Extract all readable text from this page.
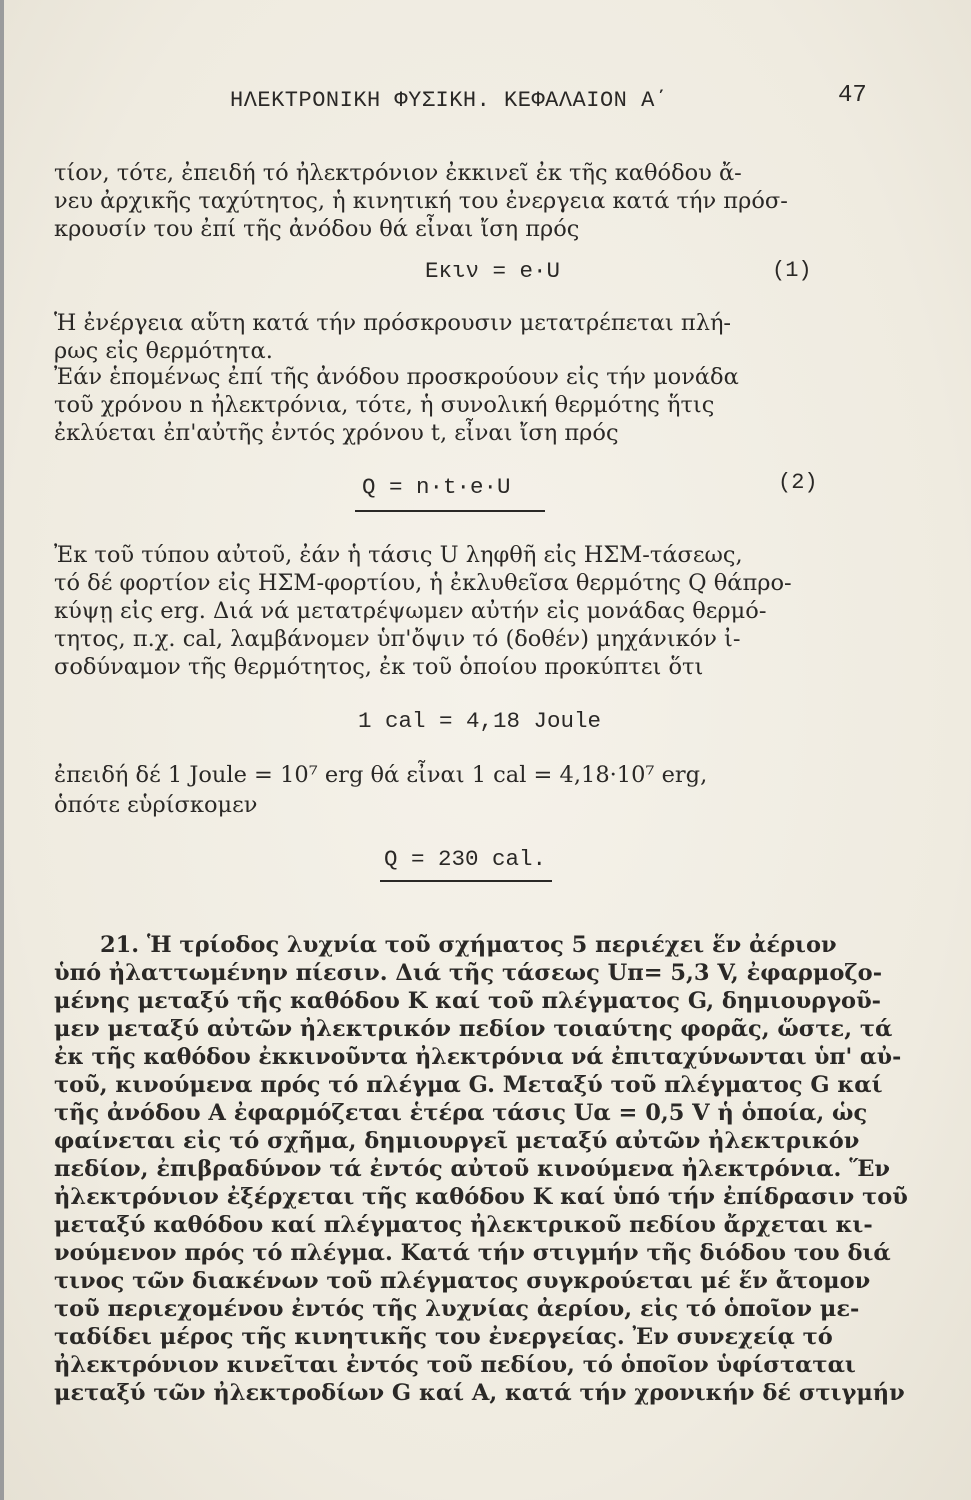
ΗΛΕΚΤΡΟΝΙΚΗ ΦΥΣΙΚΗ. ΚΕΦΑΛΑΙΟΝ Α΄	47
τίον, τότε, ἐπειδή τό ἠλεκτρόνιον ἐκκινεῖ ἐκ τῆς καθόδου ἄ-
νευ ἀρχικῆς ταχύτητος, ἡ κινητική του ἐνεργεια κατά τήν πρόσ-
κρουσίν του ἐπί τῆς ἀνόδου θά εἶναι ἴση πρός
Eκιν = e·U	(1)
Ἡ ἐνέργεια αὕτη κατά τήν πρόσκρουσιν μετατρέπεται πλή-
ρως εἰς θερμότητα.
Ἐάν ἑπομένως ἐπί τῆς ἀνόδου προσκρούουν εἰς τήν μονάδα
τοῦ χρόνου n ἠλεκτρόνια, τότε, ἡ συνολική θερμότης ἥτις
ἐκλύεται ἐπ'αὐτῆς ἐντός χρόνου t, εἶναι ἴση πρός
Q = n·t·e·U	(2)
Ἐκ τοῦ τύπου αὐτοῦ, ἐάν ἡ τάσις U ληφθῆ εἰς ΗΣΜ-τάσεως,
τό δέ φορτίον εἰς ΗΣΜ-φορτίου, ἡ ἐκλυθεῖσα θερμότης Q θάπρο-
κύψῃ εἰς erg. Διά νά μετατρέψωμεν αὐτήν εἰς μονάδας θερμό-
τητος, π.χ. cal, λαμβάνομεν ὑπ'ὄψιν τό (δοθέν) μηχάνικόν ἰ-
σοδύναμον τῆς θερμότητος, ἐκ τοῦ ὁποίου προκύπτει ὅτι
1 cal = 4,18 Joule
ἐπειδή δέ 1 Joule = 10⁷ erg θά εἶναι 1 cal = 4,18·10⁷ erg,
ὁπότε εὑρίσκομεν
Q = 230 cal.
21. Ἡ τρίοδος λυχνία τοῦ σχήματος 5 περιέχει ἕν ἀέριον
ὑπό ἠλαττωμένην πίεσιν. Διά τῆς τάσεως Uπ= 5,3 V, ἐφαρμοζο-
μένης μεταξύ τῆς καθόδου Κ καί τοῦ πλέγματος G, δημιουργοῦ-
μεν μεταξύ αὐτῶν ἠλεκτρικόν πεδίον τοιαύτης φορᾶς, ὥστε, τά
ἐκ τῆς καθόδου ἐκκινοῦντα ἠλεκτρόνια νά ἐπιταχύνωνται ὑπ' αὐ-
τοῦ, κινούμενα πρός τό πλέγμα G. Μεταξύ τοῦ πλέγματος G καί
τῆς ἀνόδου Α ἐφαρμόζεται ἑτέρα τάσις Uα = 0,5 V ἡ ὁποία, ὡς
φαίνεται εἰς τό σχῆμα, δημιουργεῖ μεταξύ αὐτῶν ἠλεκτρικόν
πεδίον, ἐπιβραδύνον τά ἐντός αὐτοῦ κινούμενα ἠλεκτρόνια. Ἕν
ἠλεκτρόνιον ἐξέρχεται τῆς καθόδου Κ καί ὑπό τήν ἐπίδρασιν τοῦ
μεταξύ καθόδου καί πλέγματος ἠλεκτρικοῦ πεδίου ἄρχεται κι-
νούμενον πρός τό πλέγμα. Κατά τήν στιγμήν τῆς διόδου του διά
τινος τῶν διακένων τοῦ πλέγματος συγκρούεται μέ ἕν ἄτομον
τοῦ περιεχομένου ἐντός τῆς λυχνίας ἀερίου, εἰς τό ὁποῖον με-
ταδίδει μέρος τῆς κινητικῆς του ἐνεργείας. Ἐν συνεχείᾳ τό
ἠλεκτρόνιον κινεῖται ἐντός τοῦ πεδίου, τό ὁποῖον ὑφίσταται
μεταξύ τῶν ἠλεκτροδίων G καί Α, κατά τήν χρονικήν δέ στιγμήν
